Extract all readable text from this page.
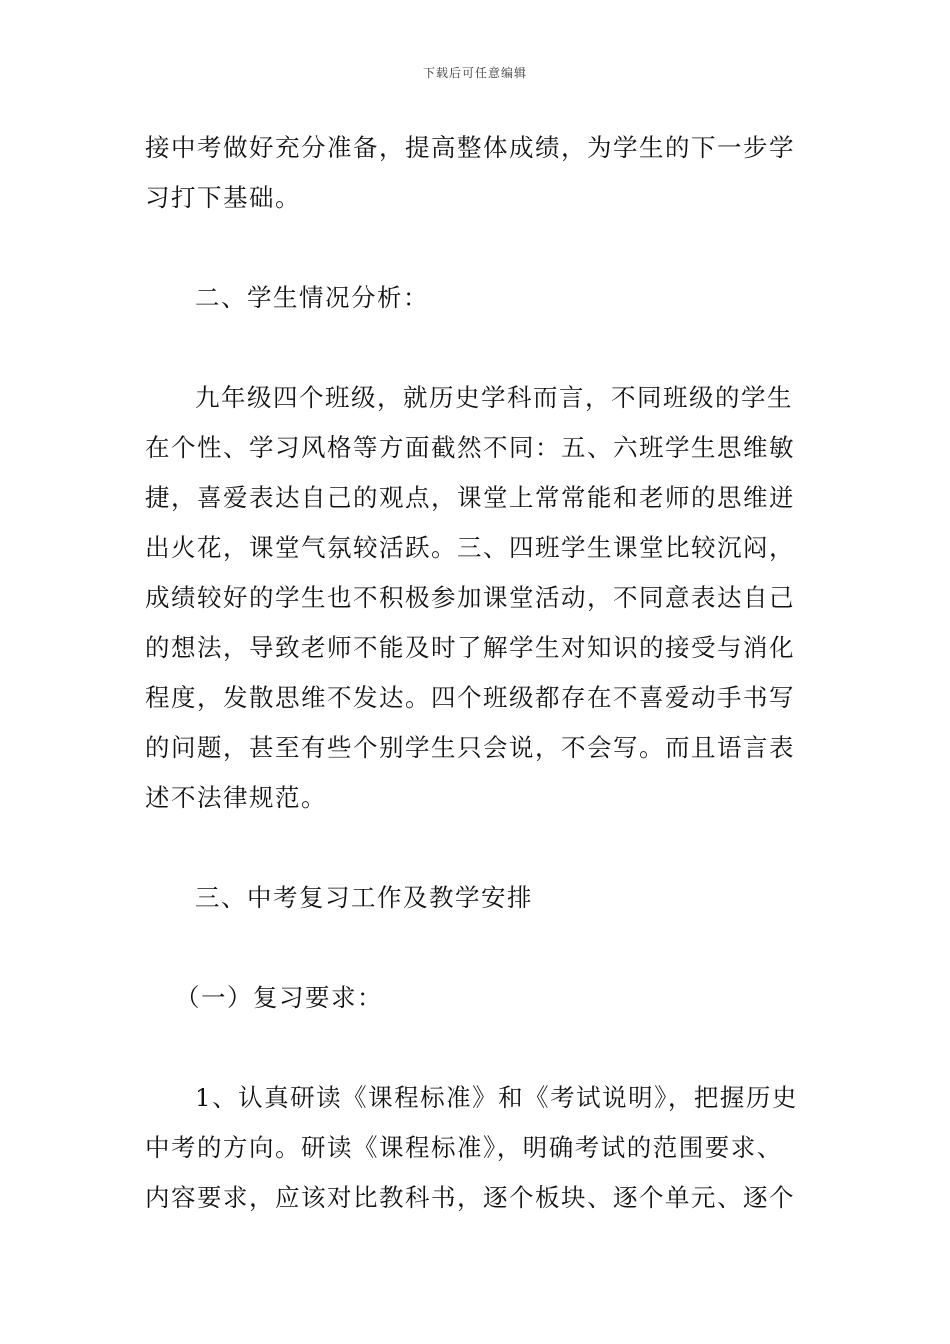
下载后可任意编辑
接中考做好充分准备，提高整体成绩，为学生的下一步学
习打下基础。
二、学生情况分析：
九年级四个班级，就历史学科而言，不同班级的学生
在个性、学习风格等方面截然不同：五、六班学生思维敏
捷，喜爱表达自己的观点，课堂上常常能和老师的思维迸
出火花，课堂气氛较活跃。三、四班学生课堂比较沉闷，
成绩较好的学生也不积极参加课堂活动，不同意表达自己
的想法，导致老师不能及时了解学生对知识的接受与消化
程度，发散思维不发达。四个班级都存在不喜爱动手书写
的问题，甚至有些个别学生只会说，不会写。而且语言表
述不法律规范。
三、中考复习工作及教学安排
（一）复习要求：
1、认真研读《课程标准》和《考试说明》，把握历史
中考的方向。研读《课程标准》，明确考试的范围要求、
内容要求，应该对比教科书，逐个板块、逐个单元、逐个
